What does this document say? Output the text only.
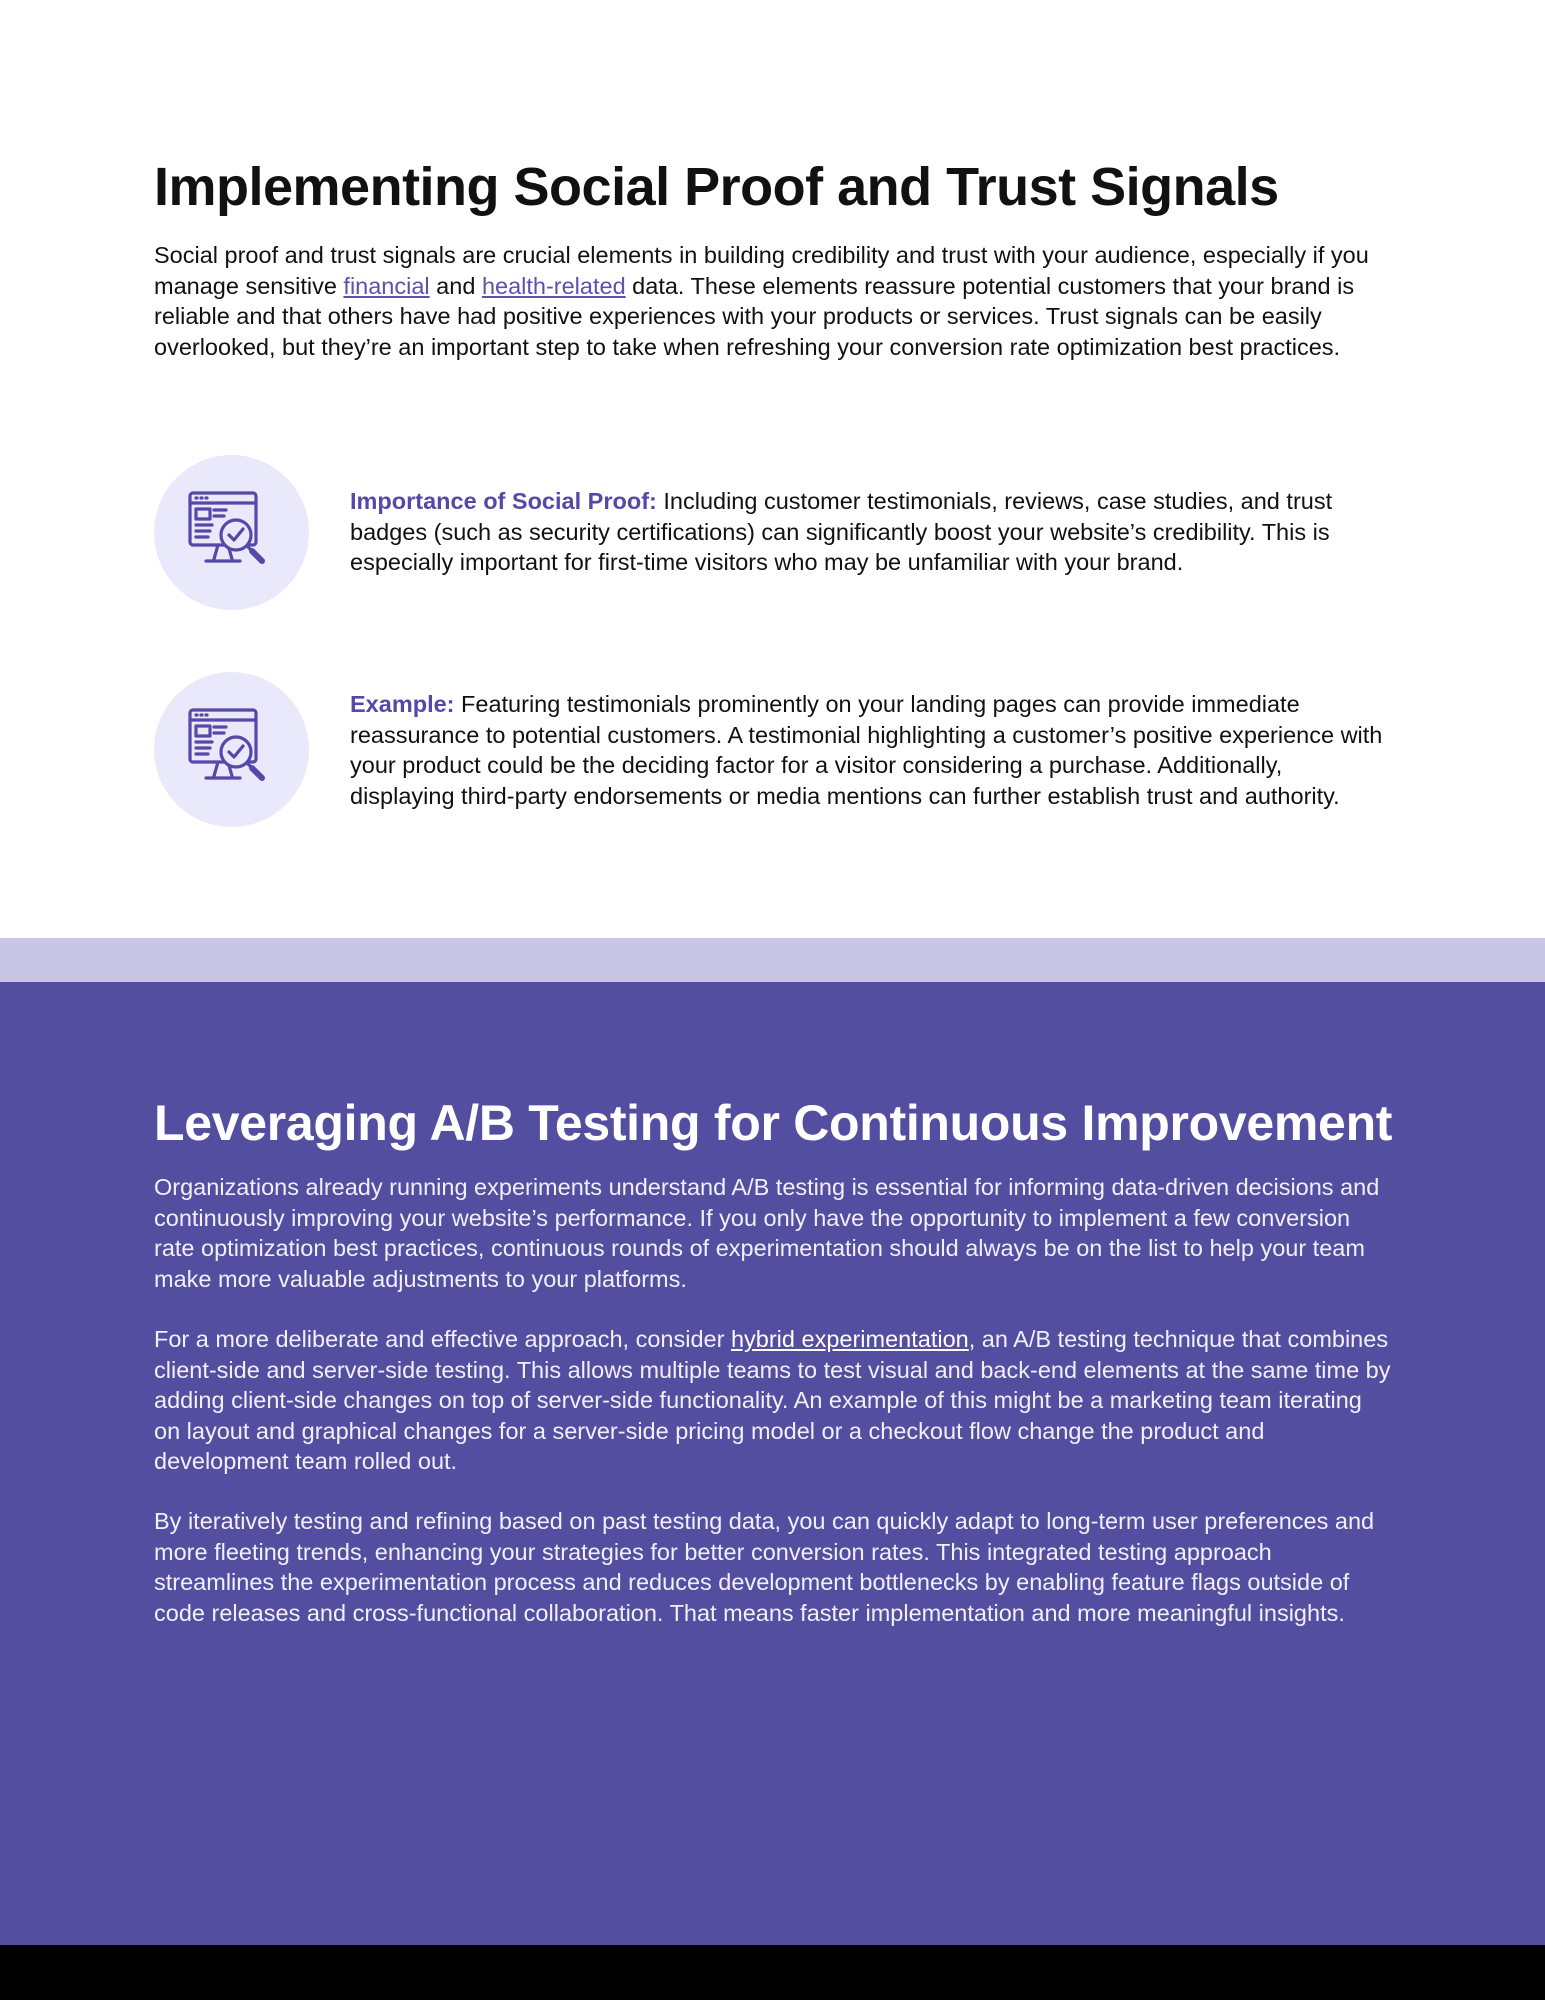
Implementing Social Proof and Trust Signals

Social proof and trust signals are crucial elements in building credibility and trust with your audience, especially if you manage sensitive financial and health-related data. These elements reassure potential customers that your brand is reliable and that others have had positive experiences with your products or services. Trust signals can be easily overlooked, but they’re an important step to take when refreshing your conversion rate optimization best practices.

Importance of Social Proof: Including customer testimonials, reviews, case studies, and trust badges (such as security certifications) can significantly boost your website’s credibility. This is especially important for first-time visitors who may be unfamiliar with your brand.

Example: Featuring testimonials prominently on your landing pages can provide immediate reassurance to potential customers. A testimonial highlighting a customer’s positive experience with your product could be the deciding factor for a visitor considering a purchase. Additionally, displaying third-party endorsements or media mentions can further establish trust and authority.

Leveraging A/B Testing for Continuous Improvement

Organizations already running experiments understand A/B testing is essential for informing data-driven decisions and continuously improving your website’s performance. If you only have the opportunity to implement a few conversion rate optimization best practices, continuous rounds of experimentation should always be on the list to help your team make more valuable adjustments to your platforms.

For a more deliberate and effective approach, consider hybrid experimentation, an A/B testing technique that combines client-side and server-side testing. This allows multiple teams to test visual and back-end elements at the same time by adding client-side changes on top of server-side functionality. An example of this might be a marketing team iterating on layout and graphical changes for a server-side pricing model or a checkout flow change the product and development team rolled out.

By iteratively testing and refining based on past testing data, you can quickly adapt to long-term user preferences and more fleeting trends, enhancing your strategies for better conversion rates. This integrated testing approach streamlines the experimentation process and reduces development bottlenecks by enabling feature flags outside of code releases and cross-functional collaboration. That means faster implementation and more meaningful insights.
